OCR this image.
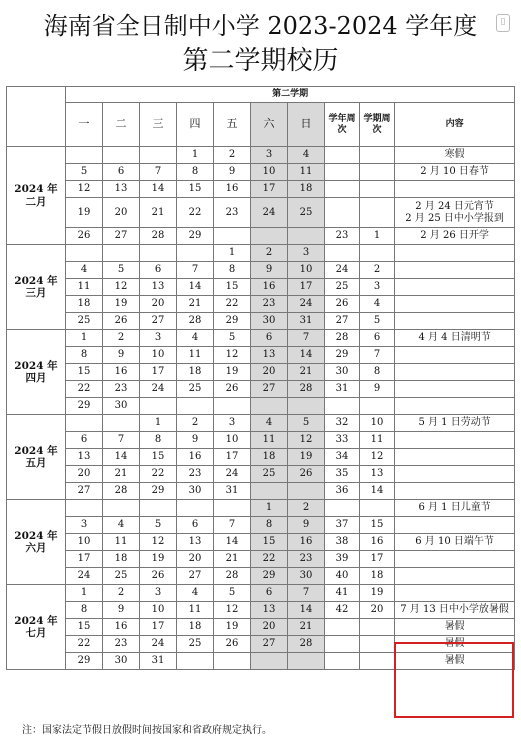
海南省全日制中小学 2023-2024 学年度
第二学期校历
▯
	第二学期									
	一	二	三	四	五	六	日	学年周次	学期周次	内容
2024 年
二月				1	2	3	4			寒假
	5	6	7	8	9	10	11			2 月 10 日春节
	12	13	14	15	16	17	18			
	19	20	21	22	23	24	25			2 月 24 日元宵节
2 月 25 日中小学报到
	26	27	28	29				23	1	2 月 26 日开学
2024 年
三月					1	2	3			
	4	5	6	7	8	9	10	24	2	
	11	12	13	14	15	16	17	25	3	
	18	19	20	21	22	23	24	26	4	
	25	26	27	28	29	30	31	27	5	
2024 年
四月	1	2	3	4	5	6	7	28	6	4 月 4 日清明节
	8	9	10	11	12	13	14	29	7	
	15	16	17	18	19	20	21	30	8	
	22	23	24	25	26	27	28	31	9	
	29	30								
2024 年
五月			1	2	3	4	5	32	10	5 月 1 日劳动节
	6	7	8	9	10	11	12	33	11	
	13	14	15	16	17	18	19	34	12	
	20	21	22	23	24	25	26	35	13	
	27	28	29	30	31			36	14	
2024 年
六月						1	2			6 月 1 日儿童节
	3	4	5	6	7	8	9	37	15	
	10	11	12	13	14	15	16	38	16	6 月 10 日端午节
	17	18	19	20	21	22	23	39	17	
	24	25	26	27	28	29	30	40	18	
2024 年
七月	1	2	3	4	5	6	7	41	19	
	8	9	10	11	12	13	14	42	20	7 月 13 日中小学放暑假
	15	16	17	18	19	20	21			暑假
	22	23	24	25	26	27	28			暑假
	29	30	31							暑假
注：国家法定节假日放假时间按国家和省政府规定执行。
